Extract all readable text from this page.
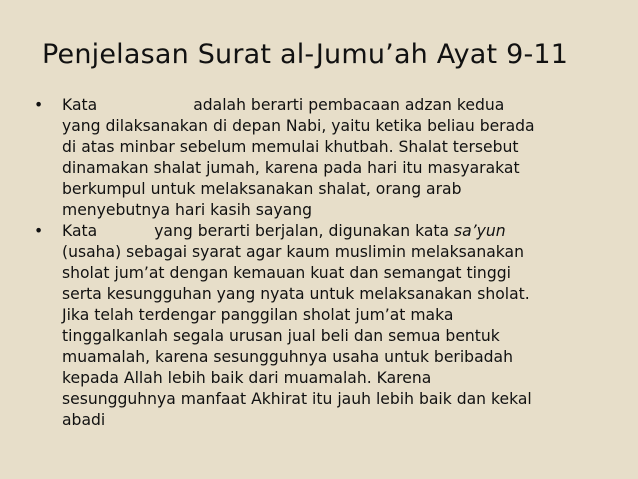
Penjelasan Surat al-Jumu’ah Ayat 9-11
•	Kata	adalah berarti pembacaan adzan kedua
yang dilaksanakan di depan Nabi, yaitu ketika beliau berada
di atas minbar sebelum memulai khutbah. Shalat tersebut
dinamakan shalat jumah, karena pada hari itu masyarakat
berkumpul untuk melaksanakan shalat, orang arab
menyebutnya hari kasih sayang
•	Kata	yang berarti berjalan, digunakan kata sa’yun
(usaha) sebagai syarat agar kaum muslimin melaksanakan
sholat jum’at dengan kemauan kuat dan semangat tinggi
serta kesungguhan yang nyata untuk melaksanakan sholat.
Jika telah terdengar panggilan sholat jum’at maka
tinggalkanlah segala urusan jual beli dan semua bentuk
muamalah, karena sesungguhnya usaha untuk beribadah
kepada Allah lebih baik dari muamalah. Karena
sesungguhnya manfaat Akhirat itu jauh lebih baik dan kekal
abadi
